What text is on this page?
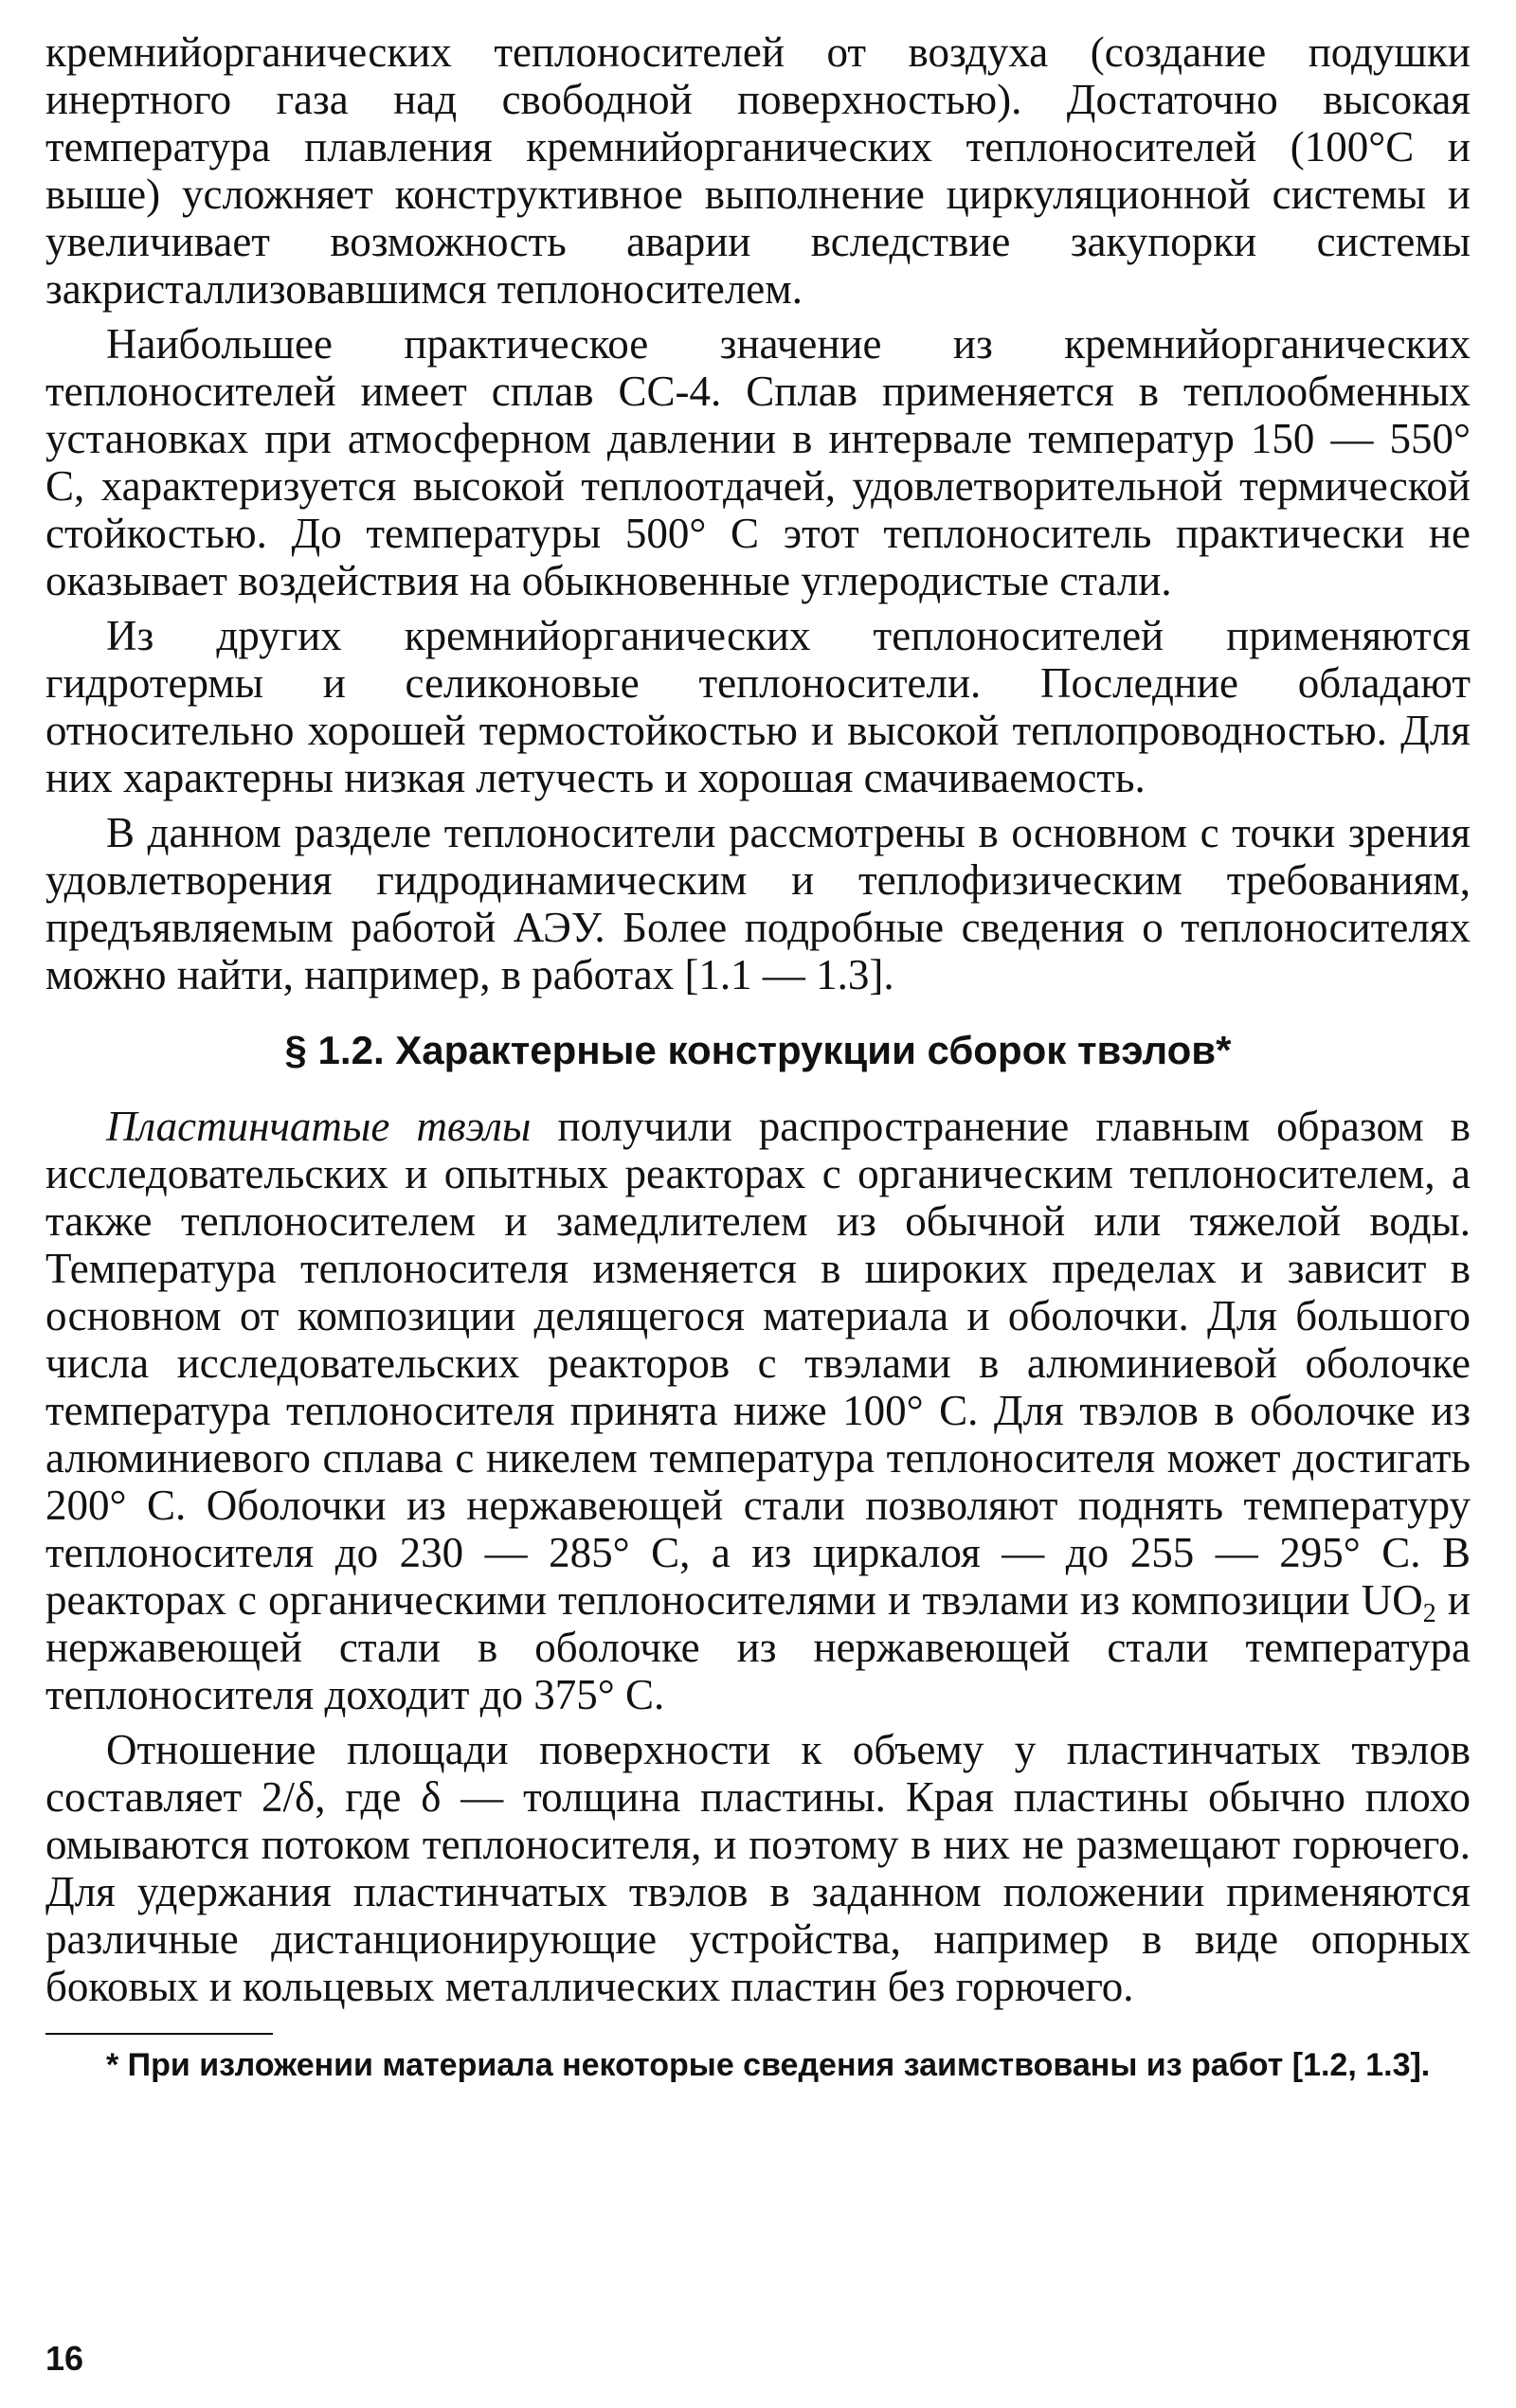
кремнийорганических теплоносителей от воздуха (создание подушки инертного газа над свободной поверхностью). Достаточно высокая температура плавления кремнийорганических теплоносителей (100°С и выше) усложняет конструктивное выполнение циркуляционной системы и увеличивает возможность аварии вследствие закупорки системы закристаллизовавшимся теплоносителем.

Наибольшее практическое значение из кремнийорганических теплоносителей имеет сплав СС-4. Сплав применяется в теплообменных установках при атмосферном давлении в интервале температур 150 — 550° С, характеризуется высокой теплоотдачей, удовлетворительной термической стойкостью. До температуры 500° С этот теплоноситель практически не оказывает воздействия на обыкновенные углеродистые стали.

Из других кремнийорганических теплоносителей применяются гидротермы и селиконовые теплоносители. Последние обладают относительно хорошей термостойкостью и высокой теплопроводностью. Для них характерны низкая летучесть и хорошая смачиваемость.

В данном разделе теплоносители рассмотрены в основном с точки зрения удовлетворения гидродинамическим и теплофизическим требованиям, предъявляемым работой АЭУ. Более подробные сведения о теплоносителях можно найти, например, в работах [1.1 — 1.3].

§ 1.2. Характерные конструкции сборок твэлов*

Пластинчатые твэлы получили распространение главным образом в исследовательских и опытных реакторах с органическим теплоносителем, а также теплоносителем и замедлителем из обычной или тяжелой воды. Температура теплоносителя изменяется в широких пределах и зависит в основном от композиции делящегося материала и оболочки. Для большого числа исследовательских реакторов с твэлами в алюминиевой оболочке температура теплоносителя принята ниже 100° С. Для твэлов в оболочке из алюминиевого сплава с никелем температура теплоносителя может достигать 200° С. Оболочки из нержавеющей стали позволяют поднять температуру теплоносителя до 230 — 285° С, а из циркалоя — до 255 — 295° С. В реакторах с органическими теплоносителями и твэлами из композиции $UO_2$ и нержавеющей стали в оболочке из нержавеющей стали температура теплоносителя доходит до 375° С.

Отношение площади поверхности к объему у пластинчатых твэлов составляет 2/δ, где δ — толщина пластины. Края пластины обычно плохо омываются потоком теплоносителя, и поэтому в них не размещают горючего. Для удержания пластинчатых твэлов в заданном положении применяются различные дистанционирующие устройства, например в виде опорных боковых и кольцевых металлических пластин без горючего.

* При изложении материала некоторые сведения заимствованы из работ [1.2, 1.3].

16
